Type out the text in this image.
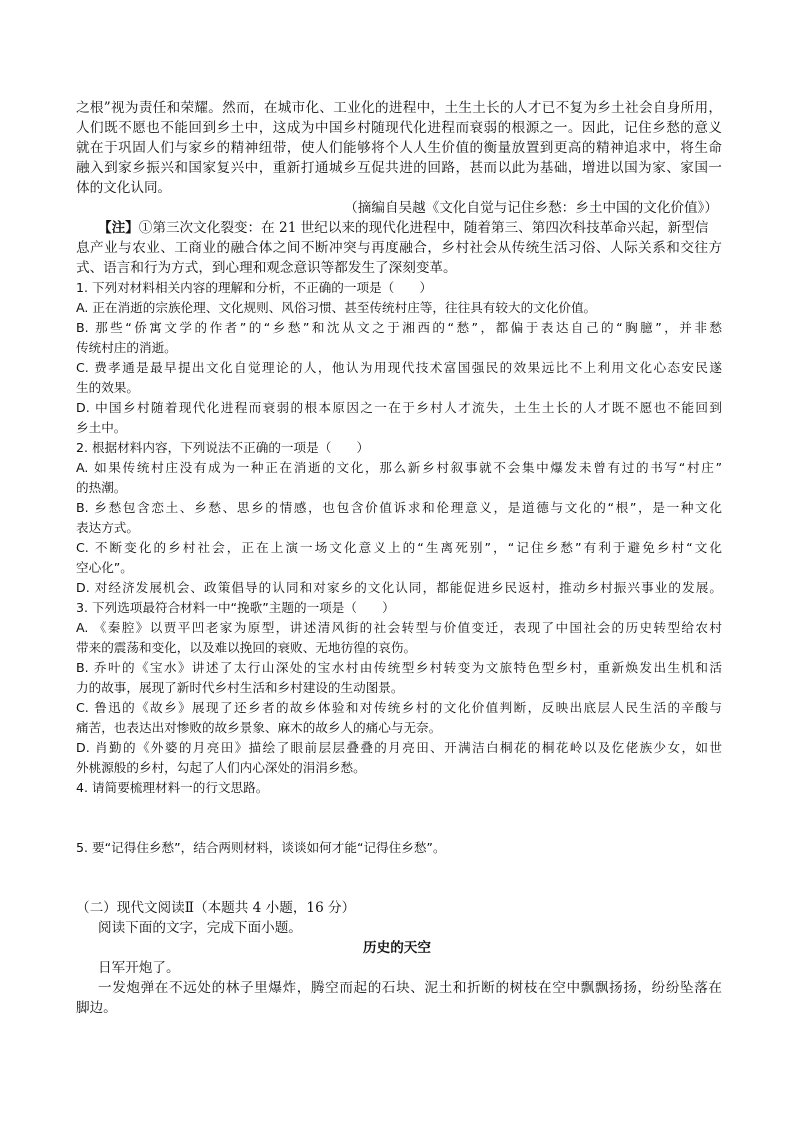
之根”视为责任和荣耀。然而，在城市化、工业化的进程中，土生土长的人才已不复为乡土社会自身所用，
人们既不愿也不能回到乡土中，这成为中国乡村随现代化进程而衰弱的根源之一。因此，记住乡愁的意义
就在于巩固人们与家乡的精神纽带，使人们能够将个人人生价值的衡量放置到更高的精神追求中，将生命
融入到家乡振兴和国家复兴中，重新打通城乡互促共进的回路，甚而以此为基础，增进以国为家、家国一
体的文化认同。
（摘编自吴越《文化自觉与记住乡愁：乡土中国的文化价值》）
【注】①第三次文化裂变：在 21 世纪以来的现代化进程中，随着第三、第四次科技革命兴起，新型信
息产业与农业、工商业的融合体之间不断冲突与再度融合，乡村社会从传统生活习俗、人际关系和交往方
式、语言和行为方式，到心理和观念意识等都发生了深刻变革。
1. 下列对材料相关内容的理解和分析，不正确的一项是（　　）
A. 正在消逝的宗族伦理、文化规则、风俗习惯、甚至传统村庄等，往往具有较大的文化价值。
B. 那些“侨寓文学的作者”的“乡愁”和沈从文之于湘西的“愁”，都偏于表达自己的“胸臆”，并非愁
传统村庄的消逝。
C. 费孝通是最早提出文化自觉理论的人，他认为用现代技术富国强民的效果远比不上利用文化心态安民遂
生的效果。
D. 中国乡村随着现代化进程而衰弱的根本原因之一在于乡村人才流失，土生土长的人才既不愿也不能回到
乡土中。
2. 根据材料内容，下列说法不正确的一项是（　　）
A. 如果传统村庄没有成为一种正在消逝的文化，那么新乡村叙事就不会集中爆发未曾有过的书写“村庄”
的热潮。
B. 乡愁包含恋土、乡愁、思乡的情感，也包含价值诉求和伦理意义，是道德与文化的“根”，是一种文化
表达方式。
C. 不断变化的乡村社会，正在上演一场文化意义上的“生离死别”，“记住乡愁”有利于避免乡村“文化
空心化”。
D. 对经济发展机会、政策倡导的认同和对家乡的文化认同，都能促进乡民返村，推动乡村振兴事业的发展。
3. 下列选项最符合材料一中“挽歌”主题的一项是（　　）
A. 《秦腔》以贾平凹老家为原型，讲述清风街的社会转型与价值变迁，表现了中国社会的历史转型给农村
带来的震荡和变化，以及难以挽回的衰败、无地彷徨的哀伤。
B. 乔叶的《宝水》讲述了太行山深处的宝水村由传统型乡村转变为文旅特色型乡村，重新焕发出生机和活
力的故事，展现了新时代乡村生活和乡村建设的生动图景。
C. 鲁迅的《故乡》展现了还乡者的故乡体验和对传统乡村的文化价值判断，反映出底层人民生活的辛酸与
痛苦，也表达出对惨败的故乡景象、麻木的故乡人的痛心与无奈。
D. 肖勤的《外婆的月亮田》描绘了眼前层层叠叠的月亮田、开满洁白桐花的桐花岭以及仡佬族少女，如世
外桃源般的乡村，勾起了人们内心深处的涓涓乡愁。
4. 请简要梳理材料一的行文思路。
5. 要“记得住乡愁”，结合两则材料，谈谈如何才能“记得住乡愁”。
（二）现代文阅读Ⅱ（本题共 4 小题，16 分）
阅读下面的文字，完成下面小题。
历史的天空
日军开炮了。
一发炮弹在不远处的林子里爆炸，腾空而起的石块、泥土和折断的树枝在空中飘飘扬扬，纷纷坠落在
脚边。
